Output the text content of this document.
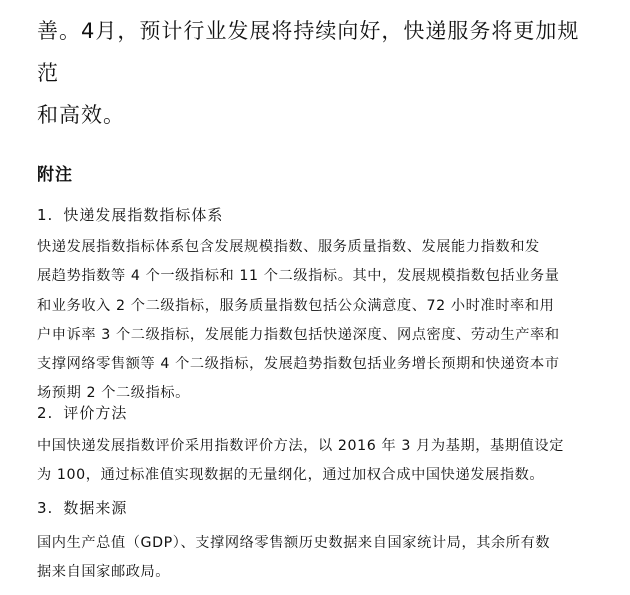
善。4月，预计行业发展将持续向好，快递服务将更加规范

和高效。

附注
1. 快递发展指数指标体系

快递发展指数指标体系包含发展规模指数、服务质量指数、发展能力指数和发

展趋势指数等 4 个一级指标和 11 个二级指标。其中，发展规模指数包括业务量

和业务收入 2 个二级指标，服务质量指数包括公众满意度、72 小时准时率和用

户申诉率 3 个二级指标，发展能力指数包括快递深度、网点密度、劳动生产率和

支撑网络零售额等 4 个二级指标，发展趋势指数包括业务增长预期和快递资本市

场预期 2 个二级指标。

2. 评价方法

中国快递发展指数评价采用指数评价方法，以 2016 年 3 月为基期，基期值设定

为 100，通过标准值实现数据的无量纲化，通过加权合成中国快递发展指数。

3. 数据来源

国内生产总值（GDP）、支撑网络零售额历史数据来自国家统计局，其余所有数

据来自国家邮政局。
